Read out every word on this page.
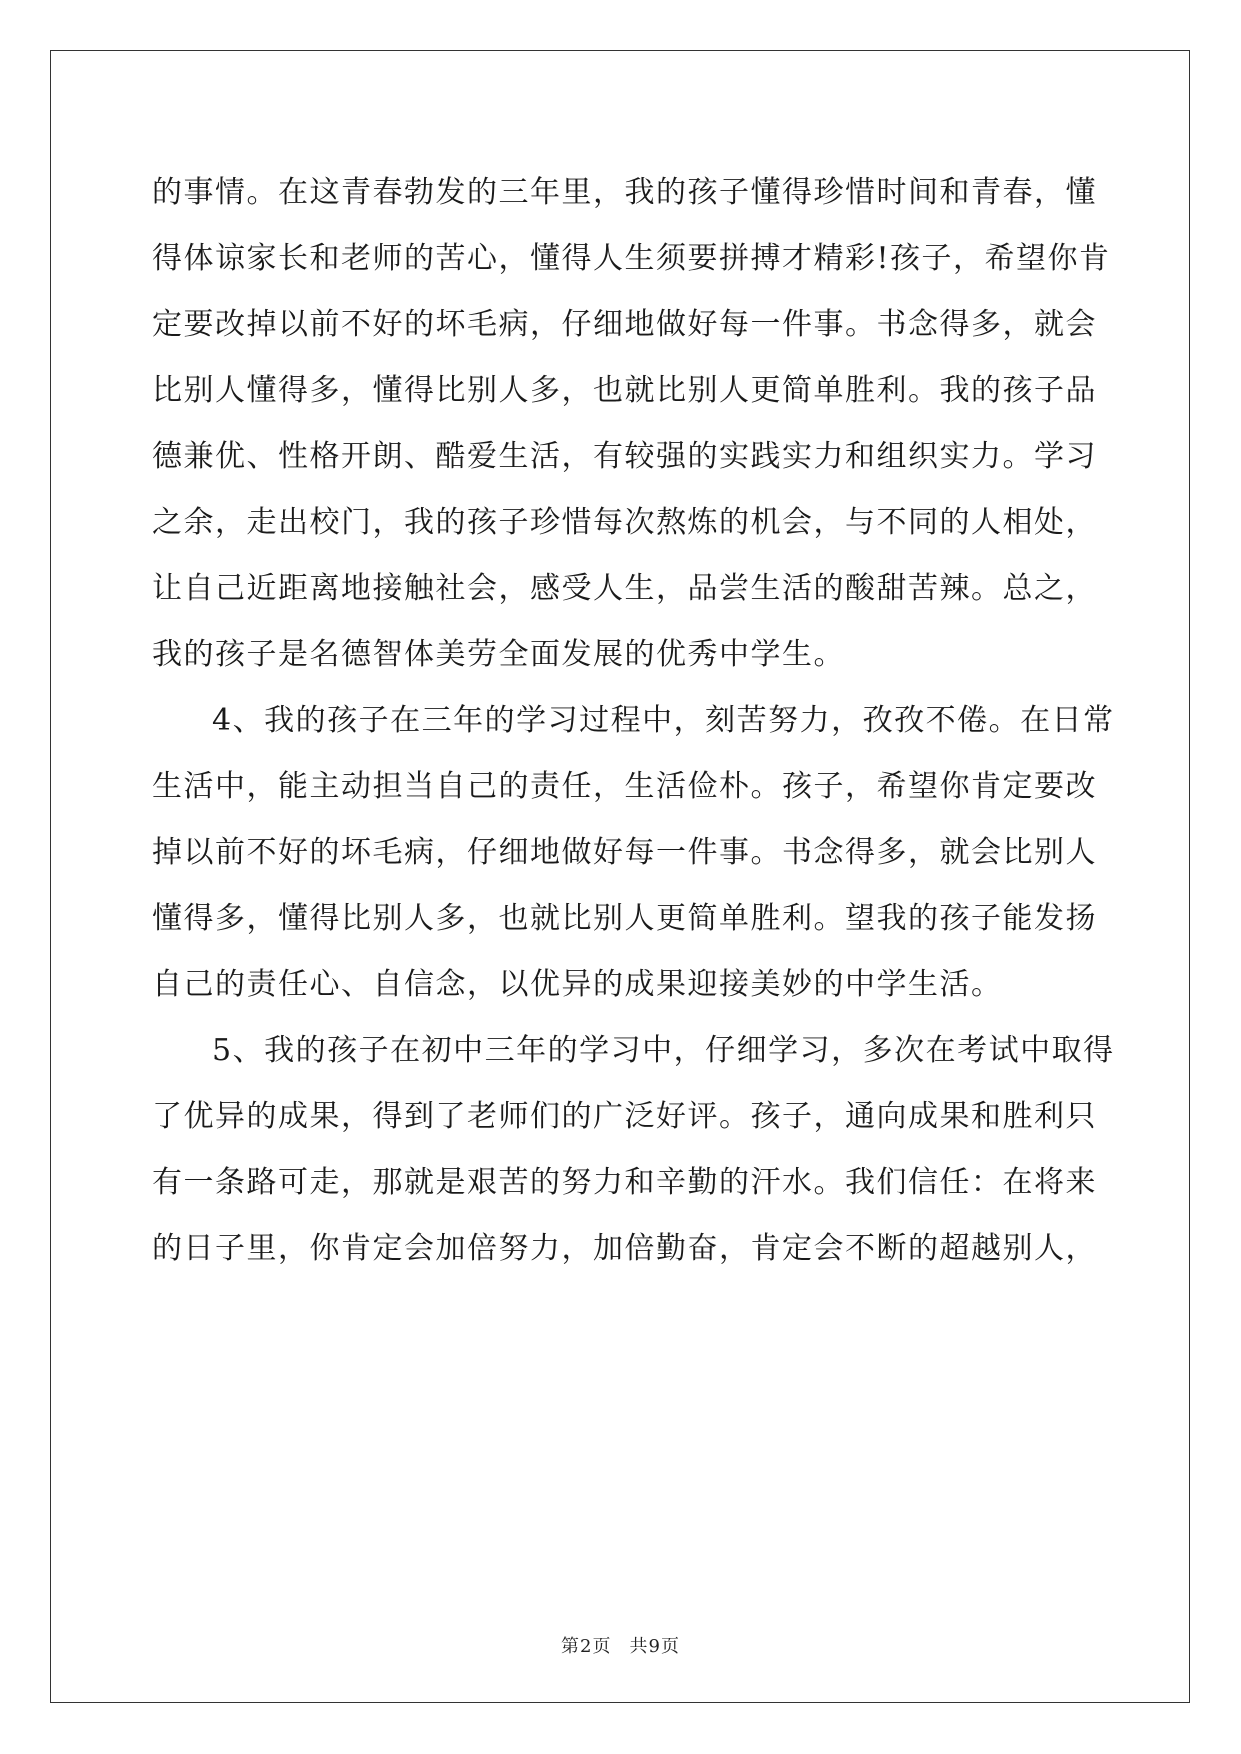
的事情。在这青春勃发的三年里，我的孩子懂得珍惜时间和青春，懂
得体谅家长和老师的苦心，懂得人生须要拼搏才精彩!孩子，希望你肯
定要改掉以前不好的坏毛病，仔细地做好每一件事。书念得多，就会
比别人懂得多，懂得比别人多，也就比别人更简单胜利。我的孩子品
德兼优、性格开朗、酷爱生活，有较强的实践实力和组织实力。学习
之余，走出校门，我的孩子珍惜每次熬炼的机会，与不同的人相处，
让自己近距离地接触社会，感受人生，品尝生活的酸甜苦辣。总之，
我的孩子是名德智体美劳全面发展的优秀中学生。
4、我的孩子在三年的学习过程中，刻苦努力，孜孜不倦。在日常
生活中，能主动担当自己的责任，生活俭朴。孩子，希望你肯定要改
掉以前不好的坏毛病，仔细地做好每一件事。书念得多，就会比别人
懂得多，懂得比别人多，也就比别人更简单胜利。望我的孩子能发扬
自己的责任心、自信念，以优异的成果迎接美妙的中学生活。
5、我的孩子在初中三年的学习中，仔细学习，多次在考试中取得
了优异的成果，得到了老师们的广泛好评。孩子，通向成果和胜利只
有一条路可走，那就是艰苦的努力和辛勤的汗水。我们信任：在将来
的日子里，你肯定会加倍努力，加倍勤奋，肯定会不断的超越别人，
第2页 共9页
